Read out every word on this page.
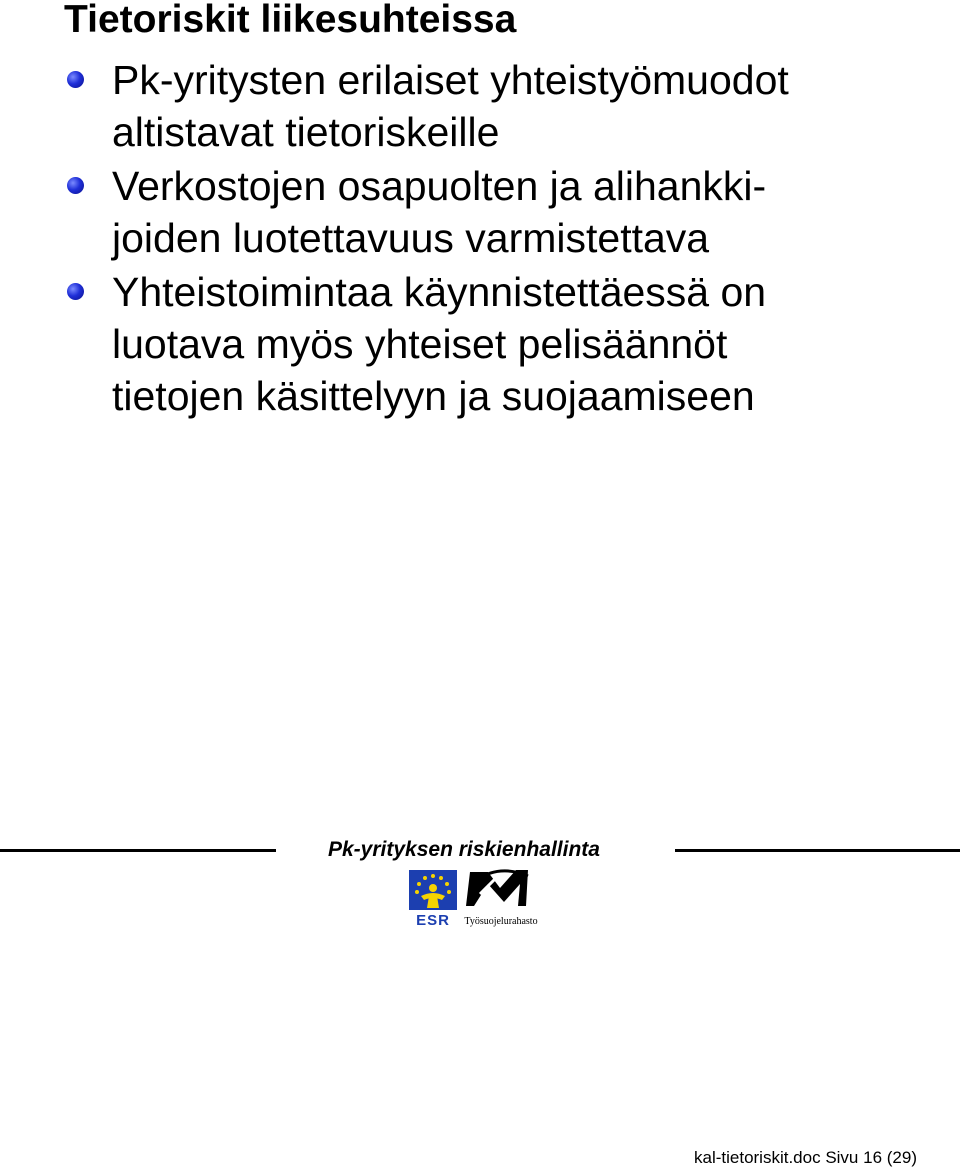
Tietoriskit liikesuhteissa
Pk-yritysten erilaiset yhteistyömuodot
altistavat tietoriskeille
Verkostojen osapuolten ja alihankki-
joiden luotettavuus varmistettava
Yhteistoimintaa käynnistettäessä on
luotava myös yhteiset pelisäännöt
tietojen käsittelyyn ja suojaamiseen
Pk-yrityksen riskienhallinta
ESR Työsuojelurahasto
kal-tietoriskit.doc Sivu 16 (29)
